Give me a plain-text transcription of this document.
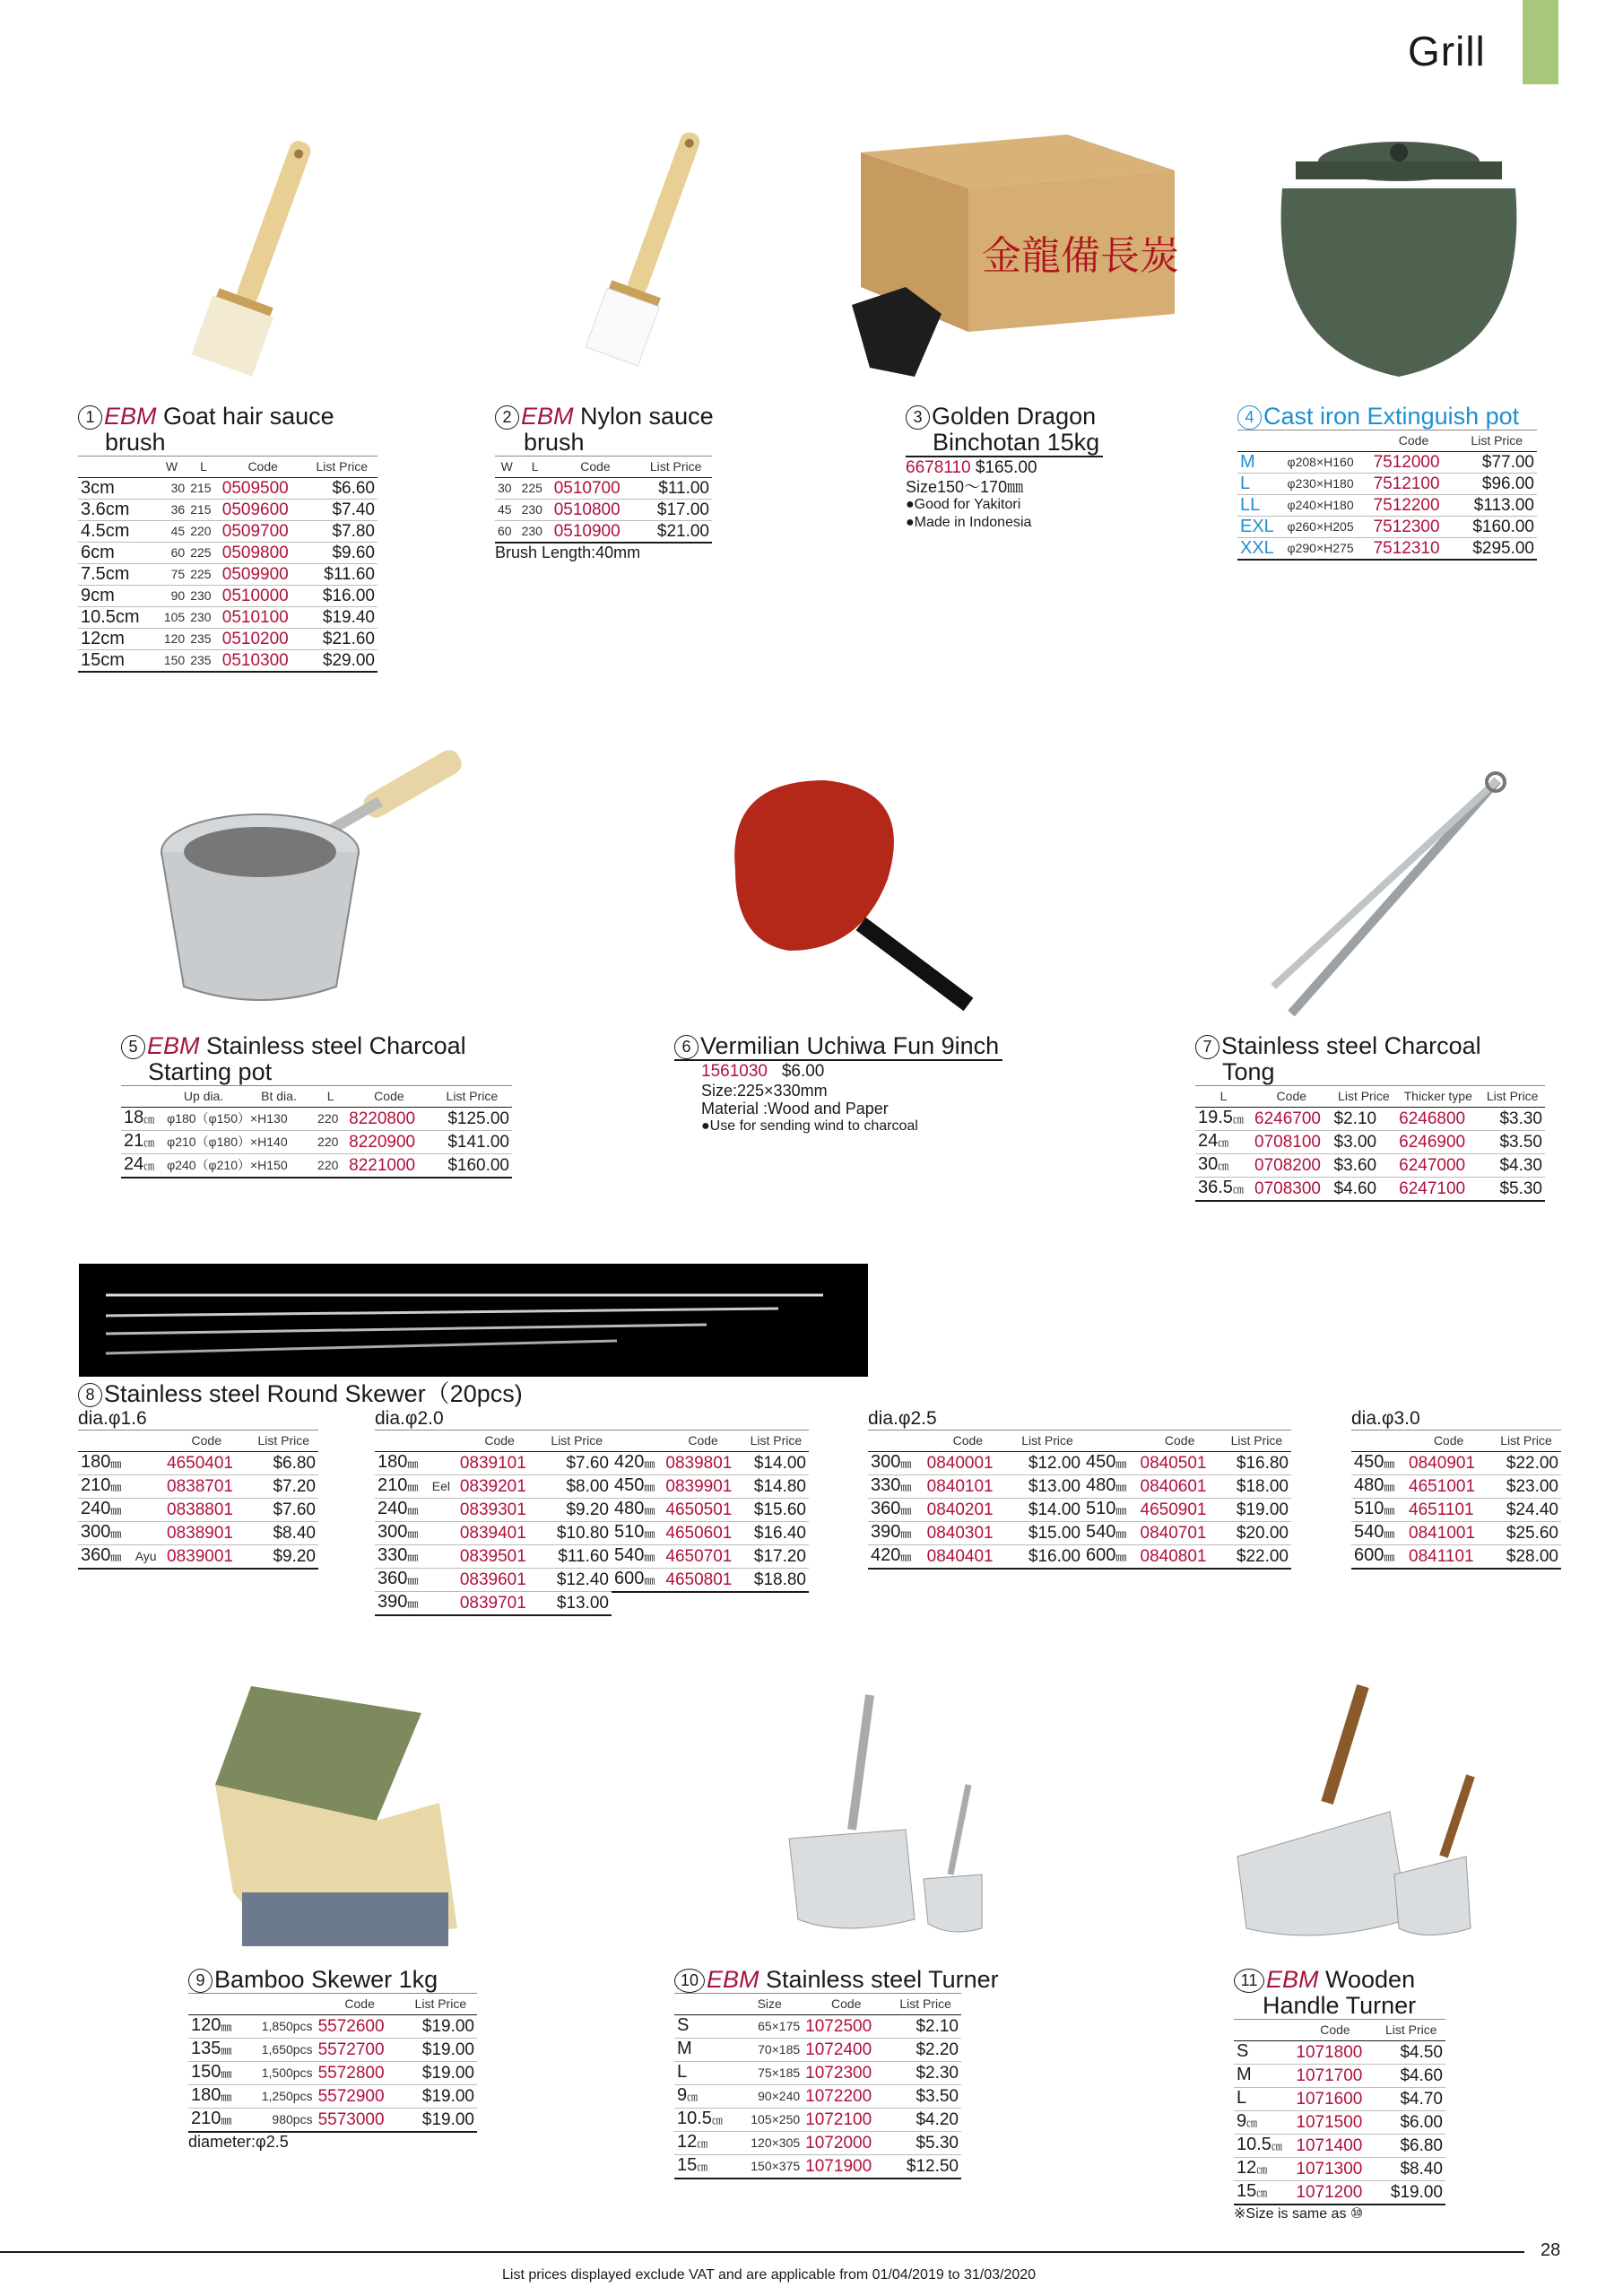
Grill
金龍備長炭
1 EBM Goat hair sauce
brush
	W	L	Code	List Price
3cm	30	215	0509500	$6.60
3.6cm	36	215	0509600	$7.40
4.5cm	45	220	0509700	$7.80
6cm	60	225	0509800	$9.60
7.5cm	75	225	0509900	$11.60
9cm	90	230	0510000	$16.00
10.5cm	105	230	0510100	$19.40
12cm	120	235	0510200	$21.60
15cm	150	235	0510300	$29.00
2 EBM Nylon sauce
brush
W	L	Code	List Price
30	225	0510700	$11.00
45	230	0510800	$17.00
60	230	0510900	$21.00
Brush Length:40mm
3 Golden Dragon
Binchotan 15kg
6678110 $165.00
Size150～170㎜
●Good for Yakitori
●Made in Indonesia
4 Cast iron Extinguish pot
		Code	List Price
M	φ208×H160	7512000	$77.00
L	φ230×H180	7512100	$96.00
LL	φ240×H180	7512200	$113.00
EXL	φ260×H205	7512300	$160.00
XXL	φ290×H275	7512310	$295.00
5 EBM Stainless steel Charcoal
Starting pot
	Up dia.	Bt dia.	L	Code	List Price
18㎝	φ180（φ150）×H130		220	8220800	$125.00
21㎝	φ210（φ180）×H140		220	8220900	$141.00
24㎝	φ240（φ210）×H150		220	8221000	$160.00
6 Vermilian Uchiwa Fun 9inch
1561030 $6.00
Size:225×330mm
Material :Wood and Paper
●Use for sending wind to charcoal
7 Stainless steel Charcoal
Tong
L	Code	List Price	Thicker type	List Price
19.5㎝	6246700	$2.10	6246800	$3.30
24㎝	0708100	$3.00	6246900	$3.50
30㎝	0708200	$3.60	6247000	$4.30
36.5㎝	0708300	$4.60	6247100	$5.30
8 Stainless steel Round Skewer（20pcs)
dia.φ1.6
		Code	List Price
180㎜		4650401	$6.80
210㎜		0838701	$7.20
240㎜		0838801	$7.60
300㎜		0838901	$8.40
360㎜	Ayu	0839001	$9.20
dia.φ2.0
		Code	List Price
180㎜		0839101	$7.60
210㎜	Eel	0839201	$8.00
240㎜		0839301	$9.20
300㎜		0839401	$10.80
330㎜		0839501	$11.60
360㎜		0839601	$12.40
390㎜		0839701	$13.00
	Code	List Price
420㎜	0839801	$14.00
450㎜	0839901	$14.80
480㎜	4650501	$15.60
510㎜	4650601	$16.40
540㎜	4650701	$17.20
600㎜	4650801	$18.80
dia.φ2.5
	Code	List Price
300㎜	0840001	$12.00
330㎜	0840101	$13.00
360㎜	0840201	$14.00
390㎜	0840301	$15.00
420㎜	0840401	$16.00
	Code	List Price
450㎜	0840501	$16.80
480㎜	0840601	$18.00
510㎜	4650901	$19.00
540㎜	0840701	$20.00
600㎜	0840801	$22.00
dia.φ3.0
	Code	List Price
450㎜	0840901	$22.00
480㎜	4651001	$23.00
510㎜	4651101	$24.40
540㎜	0841001	$25.60
600㎜	0841101	$28.00
9 Bamboo Skewer 1kg
		Code	List Price
120㎜	1,850pcs	5572600	$19.00
135㎜	1,650pcs	5572700	$19.00
150㎜	1,500pcs	5572800	$19.00
180㎜	1,250pcs	5572900	$19.00
210㎜	980pcs	5573000	$19.00
diameter:φ2.5
10 EBM Stainless steel Turner
	Size	Code	List Price
S	65×175	1072500	$2.10
M	70×185	1072400	$2.20
L	75×185	1072300	$2.30
9㎝	90×240	1072200	$3.50
10.5㎝	105×250	1072100	$4.20
12㎝	120×305	1072000	$5.30
15㎝	150×375	1071900	$12.50
11 EBM Wooden
Handle Turner
	Code	List Price
S	1071800	$4.50
M	1071700	$4.60
L	1071600	$4.70
9㎝	1071500	$6.00
10.5㎝	1071400	$6.80
12㎝	1071300	$8.40
15㎝	1071200	$19.00
※Size is same as ⑩
28
List prices displayed exclude VAT and are applicable from 01/04/2019 to 31/03/2020
